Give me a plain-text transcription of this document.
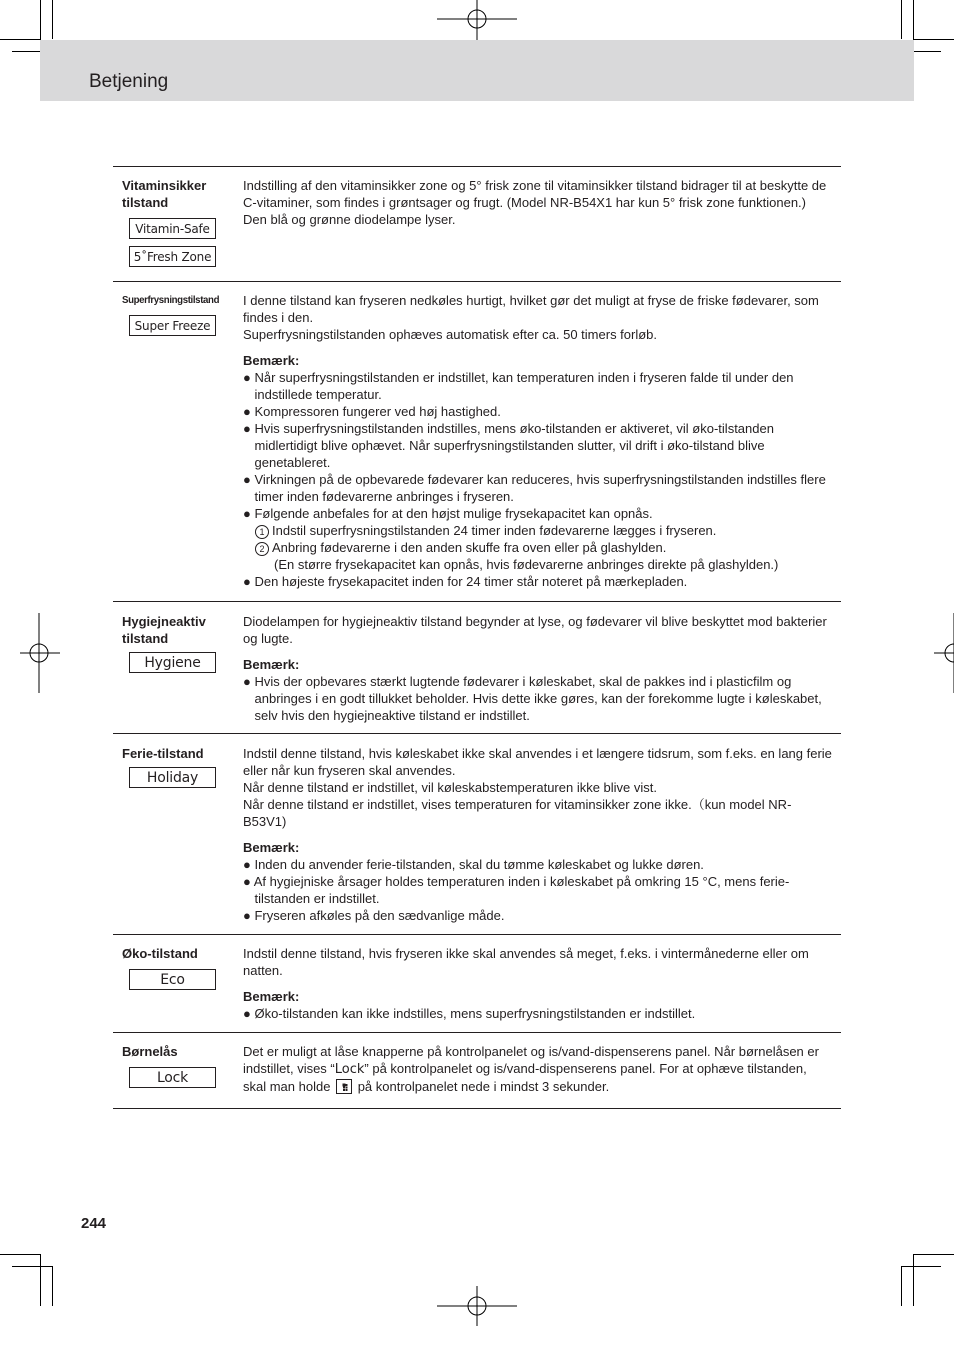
Betjening
Vitaminsikker tilstand
Vitamin-Safe
5˚Fresh Zone

Indstilling af den vitaminsikker zone og 5° frisk zone til vitaminsikker tilstand bidrager til at beskytte de C-vitaminer, som findes i grøntsager og frugt. (Model NR-B54X1 har kun 5° frisk zone funktionen.) Den blå og grønne diodelampe lyser.

Superfrysningstilstand
Super Freeze

I denne tilstand kan fryseren nedkøles hurtigt, hvilket gør det muligt at fryse de friske fødevarer, som findes i den.

Superfrysningstilstanden ophæves automatisk efter ca. 50 timers forløb.

Bemærk:

● Når superfrysningstilstanden er indstillet, kan temperaturen inden i fryseren falde til under den indstillede temperatur.

● Kompressoren fungerer ved høj hastighed.

● Hvis superfrysningstilstanden indstilles, mens øko-tilstanden er aktiveret, vil øko-tilstanden midlertidigt blive ophævet. Når superfrysningstilstanden slutter, vil drift i øko-tilstand blive genetableret.

● Virkningen på de opbevarede fødevarer kan reduceres, hvis superfrysningstilstanden indstilles flere timer inden fødevarerne anbringes i fryseren.

● Følgende anbefales for at den højst mulige frysekapacitet kan opnås.

1 Indstil superfrysningstilstanden 24 timer inden fødevarerne lægges i fryseren.

2 Anbring fødevarerne i den anden skuffe fra oven eller på glashylden.

(En større frysekapacitet kan opnås, hvis fødevarerne anbringes direkte på glashylden.)

● Den højeste frysekapacitet inden for 24 timer står noteret på mærkepladen.

Hygiejneaktiv tilstand
Hygiene

Diodelampen for hygiejneaktiv tilstand begynder at lyse, og fødevarer vil blive beskyttet mod bakterier og lugte.

Bemærk:

● Hvis der opbevares stærkt lugtende fødevarer i køleskabet, skal de pakkes ind i plasticfilm og anbringes i en godt tillukket beholder. Hvis dette ikke gøres, kan der forekomme lugte i køleskabet, selv hvis den hygiejneaktive tilstand er indstillet.

Ferie-tilstand
Holiday

Indstil denne tilstand, hvis køleskabet ikke skal anvendes i et længere tidsrum, som f.eks. en lang ferie eller når kun fryseren skal anvendes.

Når denne tilstand er indstillet, vil køleskabstemperaturen ikke blive vist.

Når denne tilstand er indstillet, vises temperaturen for vitaminsikker zone ikke.（kun model NR-B53V1)

Bemærk:

● Inden du anvender ferie-tilstanden, skal du tømme køleskabet og lukke døren.

● Af hygiejniske årsager holdes temperaturen inden i køleskabet på omkring 15 °C, mens ferie-tilstanden er indstillet.

● Fryseren afkøles på den sædvanlige måde.

Øko-tilstand
Eco

Indstil denne tilstand, hvis fryseren ikke skal anvendes så meget, f.eks. i vintermånederne eller om natten.

Bemærk:

● Øko-tilstanden kan ikke indstilles, mens superfrysningstilstanden er indstillet.

Børnelås
Lock

Det er muligt at låse knapperne på kontrolpanelet og is/vand-dispenserens panel. Når børnelåsen er indstillet, vises “Lock” på kontrolpanelet og is/vand-dispenserens panel. For at ophæve tilstanden, skal man holde på kontrolpanelet nede i mindst 3 sekunder.

244
